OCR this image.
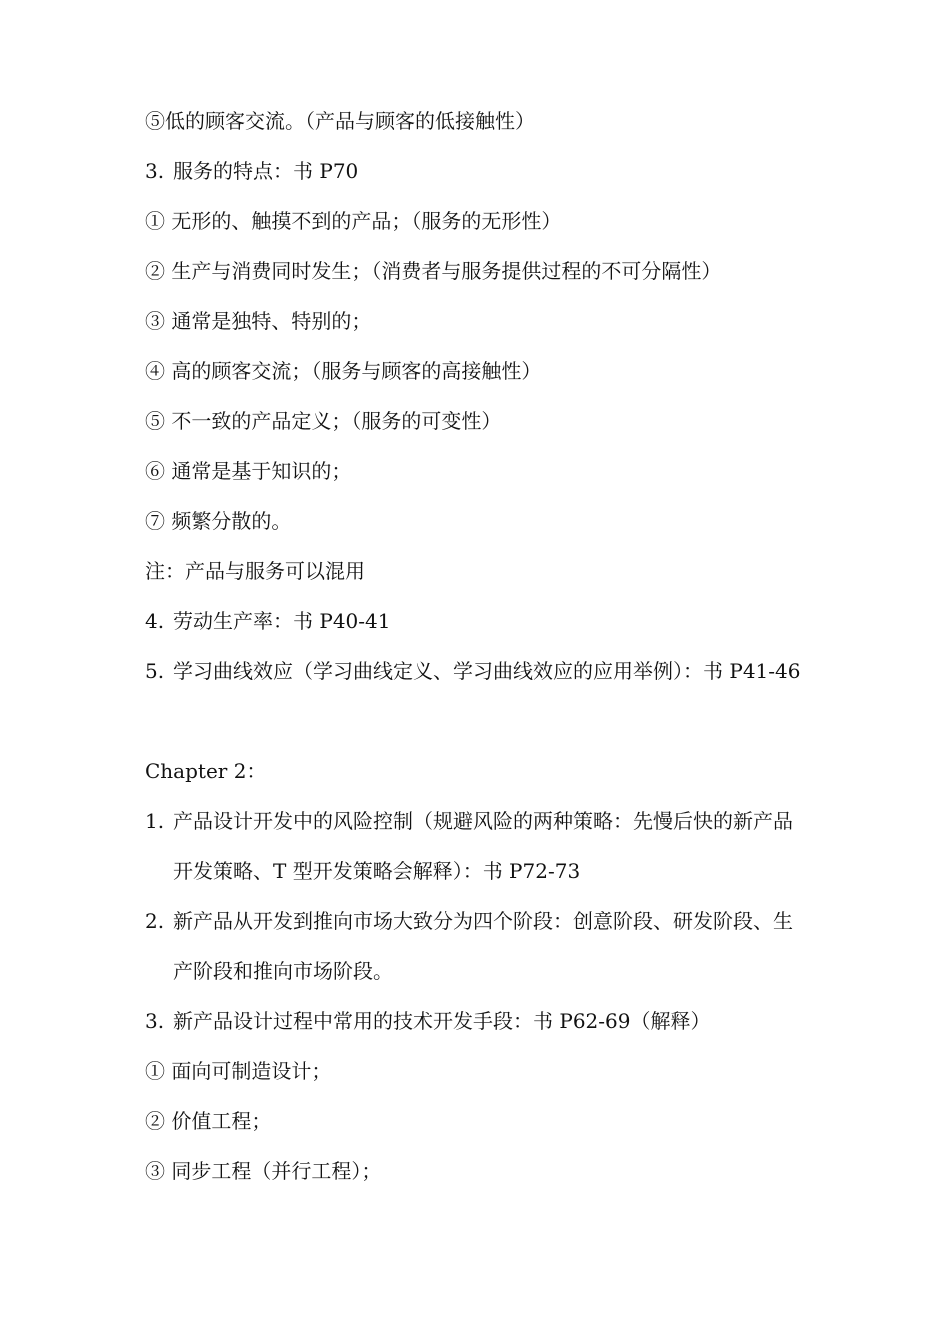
⑤低的顾客交流。（产品与顾客的低接触性）
3. 服务的特点：书 P70
① 无形的、触摸不到的产品；（服务的无形性）
② 生产与消费同时发生；（消费者与服务提供过程的不可分隔性）
③ 通常是独特、特别的；
④ 高的顾客交流；（服务与顾客的高接触性）
⑤ 不一致的产品定义；（服务的可变性）
⑥ 通常是基于知识的；
⑦ 频繁分散的。
注：产品与服务可以混用
4. 劳动生产率：书 P40-41
5. 学习曲线效应（学习曲线定义、学习曲线效应的应用举例）：书 P41-46
Chapter 2：
1. 产品设计开发中的风险控制（规避风险的两种策略：先慢后快的新产品开发策略、T 型开发策略会解释）：书 P72-73
2. 新产品从开发到推向市场大致分为四个阶段：创意阶段、研发阶段、生产阶段和推向市场阶段。
3. 新产品设计过程中常用的技术开发手段：书 P62-69（解释）
① 面向可制造设计；
② 价值工程；
③ 同步工程（并行工程）；
